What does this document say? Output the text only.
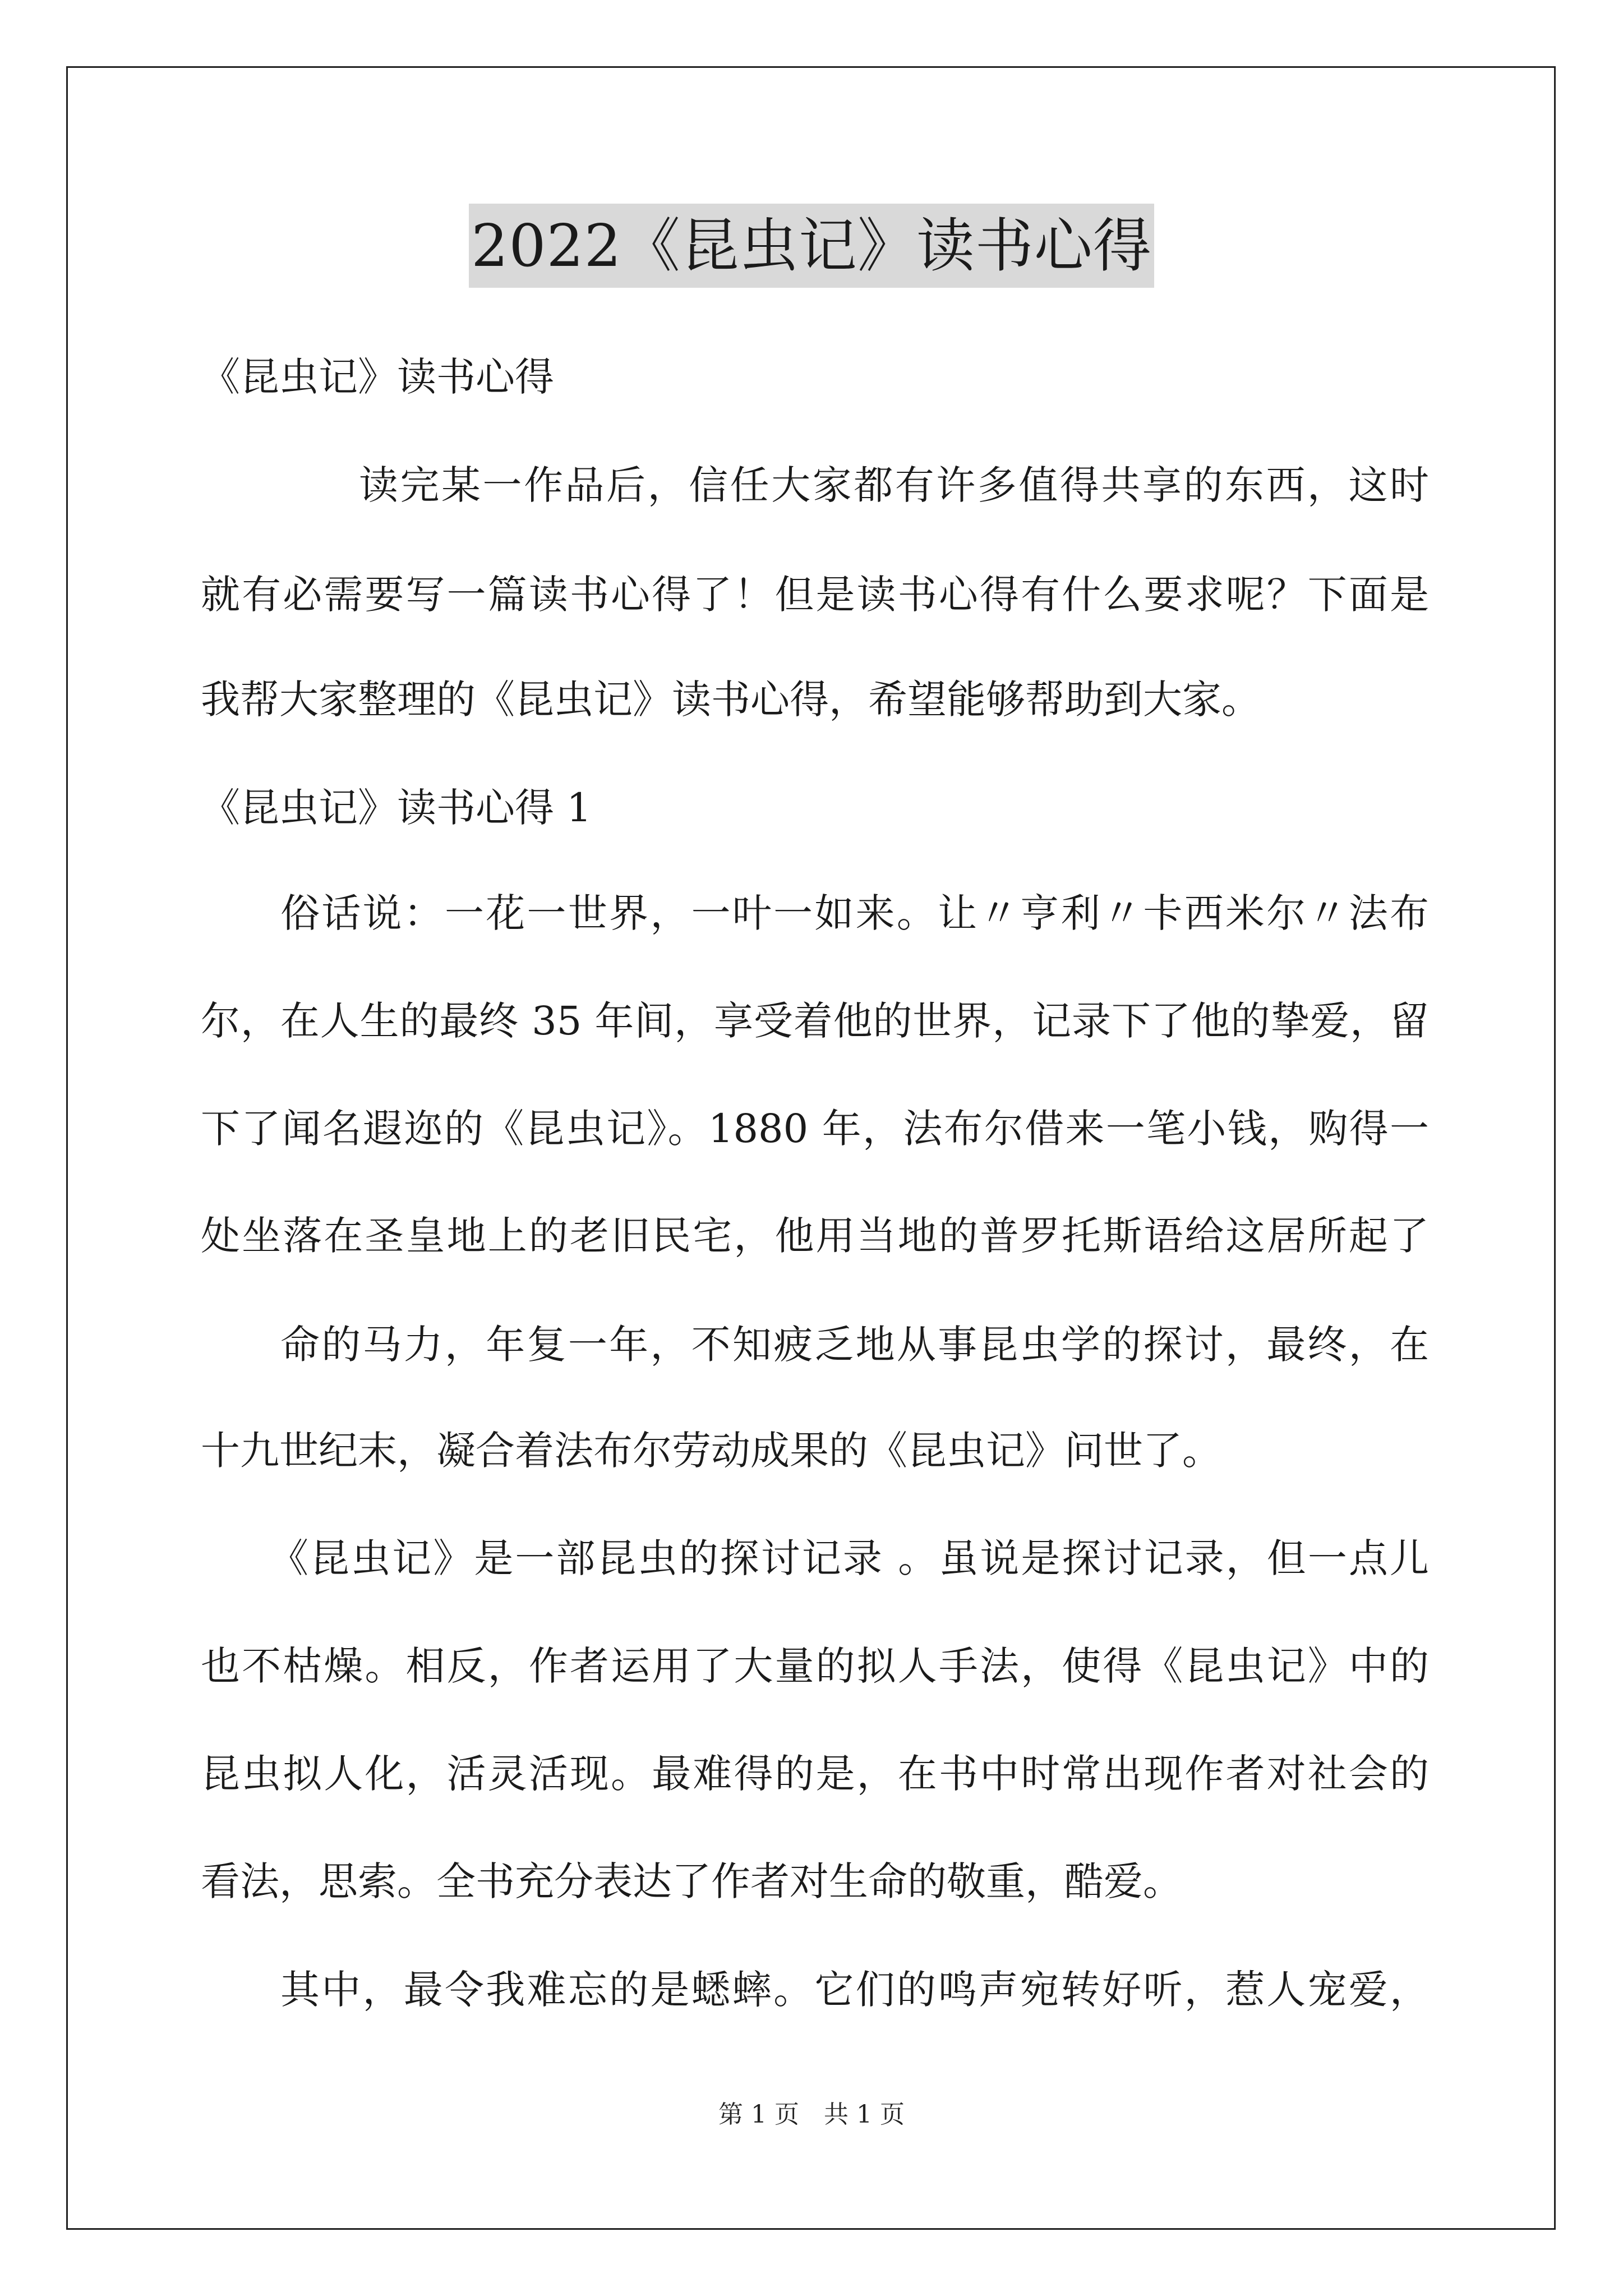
2022《昆虫记》读书心得
《昆虫记》读书心得
读完某一作品后，信任大家都有许多值得共享的东西，这时
就有必需要写一篇读书心得了！但是读书心得有什么要求呢？下面是
我帮大家整理的《昆虫记》读书心得，希望能够帮助到大家。
《昆虫记》读书心得 1
俗话说：一花一世界，一叶一如来。让〃亨利〃卡西米尔〃法布
尔，在人生的最终 35 年间，享受着他的世界，记录下了他的挚爱，留
下了闻名遐迩的《昆虫记》。1880 年，法布尔借来一笔小钱，购得一
处坐落在圣皇地上的老旧民宅，他用当地的普罗托斯语给这居所起了
命的马力，年复一年，不知疲乏地从事昆虫学的探讨，最终，在
十九世纪末，凝合着法布尔劳动成果的《昆虫记》问世了。
《昆虫记》是一部昆虫的探讨记录 。虽说是探讨记录，但一点儿
也不枯燥。相反，作者运用了大量的拟人手法，使得《昆虫记》中的
昆虫拟人化，活灵活现。最难得的是，在书中时常出现作者对社会的
看法，思索。全书充分表达了作者对生命的敬重，酷爱。
其中，最令我难忘的是蟋蟀。它们的鸣声宛转好听，惹人宠爱，
第 1 页　共 1 页
